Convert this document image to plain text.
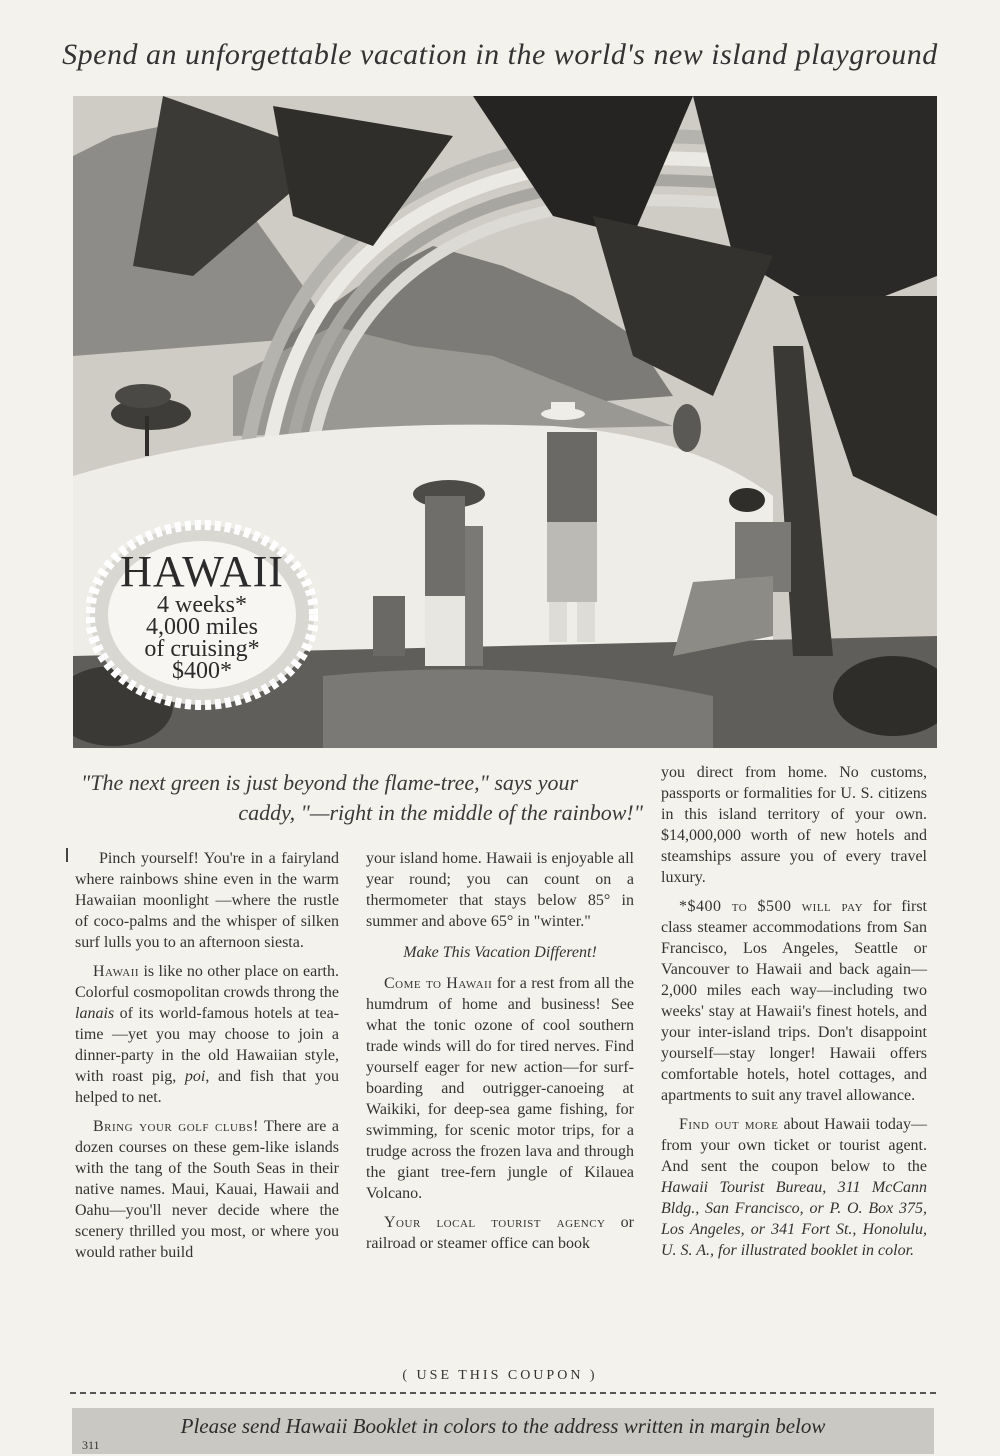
Spend an unforgettable vacation in the world's new island playground
HAWAII
4 weeks*
4,000 miles
of cruising*
$400*
"The next green is just beyond the flame-tree," says your
caddy, "—right in the middle of the rainbow!"

Pinch yourself! You're in a fairyland where rainbows shine even in the warm Hawaiian moonlight —where the rustle of coco-palms and the whisper of silken surf lulls you to an afternoon siesta.

Hawaii is like no other place on earth. Colorful cosmopolitan crowds throng the lanais of its world-famous hotels at tea-time —yet you may choose to join a dinner-party in the old Hawaiian style, with roast pig, poi, and fish that you helped to net.

Bring your golf clubs! There are a dozen courses on these gem-like islands with the tang of the South Seas in their native names. Maui, Kauai, Hawaii and Oahu—you'll never decide where the scenery thrilled you most, or where you would rather build

your island home. Hawaii is enjoyable all year round; you can count on a thermometer that stays below 85° in summer and above 65° in "winter."

Make This Vacation Different!

Come to Hawaii for a rest from all the humdrum of home and business! See what the tonic ozone of cool southern trade winds will do for tired nerves. Find yourself eager for new action—for surf-boarding and outrigger-canoeing at Waikiki, for deep-sea game fishing, for swimming, for scenic motor trips, for a trudge across the frozen lava and through the giant tree-fern jungle of Kilauea Volcano.

Your local tourist agency or railroad or steamer office can book

you direct from home. No customs, passports or formalities for U. S. citizens in this island territory of your own. $14,000,000 worth of new hotels and steamships assure you of every travel luxury.

*$400 to $500 will pay for first class steamer accommodations from San Francisco, Los Angeles, Seattle or Vancouver to Hawaii and back again—2,000 miles each way—including two weeks' stay at Hawaii's finest hotels, and your inter-island trips. Don't disappoint yourself—stay longer! Hawaii offers comfortable hotels, hotel cottages, and apartments to suit any travel allowance.

Find out more about Hawaii today—from your own ticket or tourist agent. And sent the coupon below to the Hawaii Tourist Bureau, 311 McCann Bldg., San Francisco, or P. O. Box 375, Los Angeles, or 341 Fort St., Honolulu, U. S. A., for illustrated booklet in color.

( USE THIS COUPON )
Please send Hawaii Booklet in colors to the address written in margin below
311
